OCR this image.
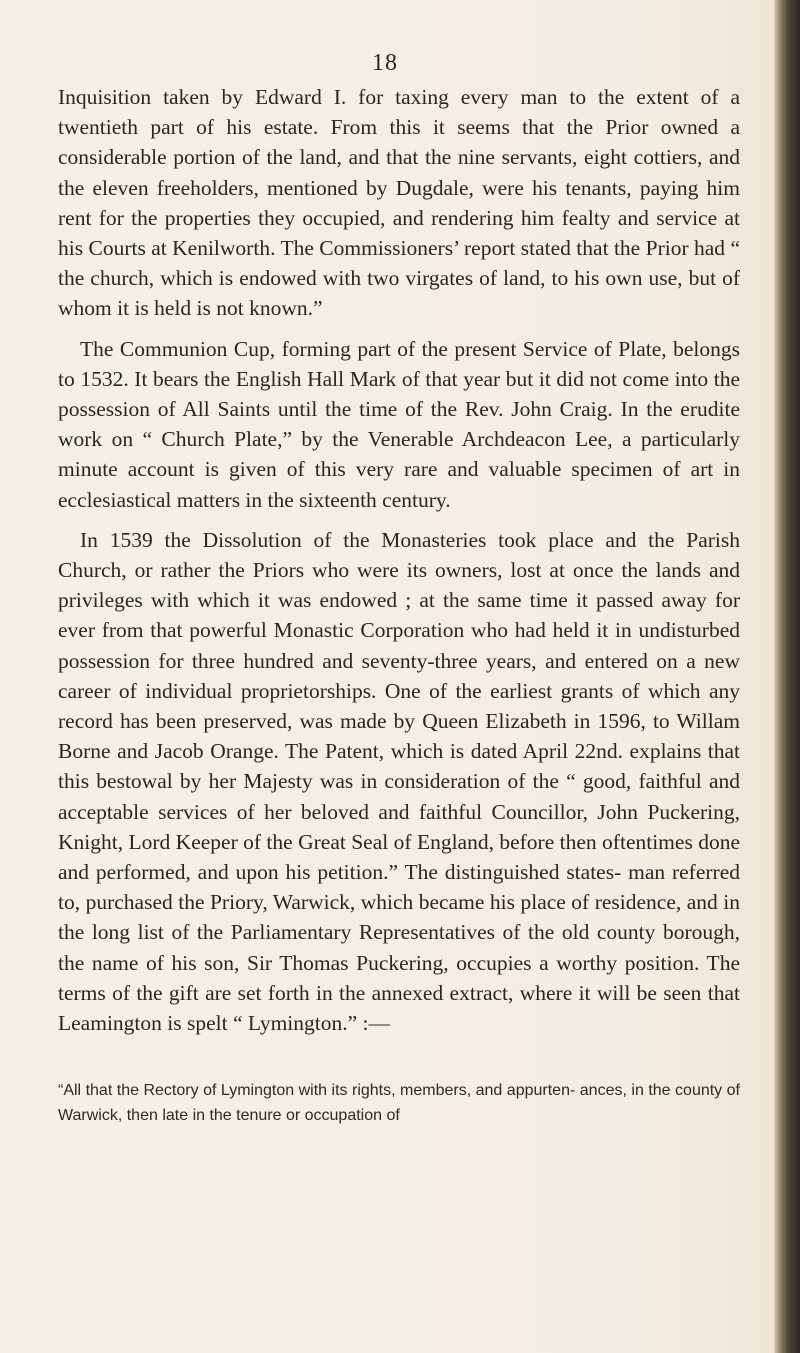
18

Inquisition taken by Edward I. for taxing every man to the extent of a twentieth part of his estate. From this it seems that the Prior owned a considerable portion of the land, and that the nine servants, eight cottiers, and the eleven freeholders, mentioned by Dugdale, were his tenants, paying him rent for the properties they occupied, and rendering him fealty and service at his Courts at Kenilworth. The Commissioners’ report stated that the Prior had “ the church, which is endowed with two virgates of land, to his own use, but of whom it is held is not known.”

The Communion Cup, forming part of the present Service of Plate, belongs to 1532. It bears the English Hall Mark of that year but it did not come into the possession of All Saints until the time of the Rev. John Craig. In the erudite work on “ Church Plate,” by the Venerable Archdeacon Lee, a particularly minute account is given of this very rare and valuable specimen of art in ecclesiastical matters in the sixteenth century.

In 1539 the Dissolution of the Monasteries took place and the Parish Church, or rather the Priors who were its owners, lost at once the lands and privileges with which it was endowed ; at the same time it passed away for ever from that powerful Monastic Corporation who had held it in undisturbed possession for three hundred and seventy-three years, and entered on a new career of individual proprietorships. One of the earliest grants of which any record has been preserved, was made by Queen Elizabeth in 1596, to Willam Borne and Jacob Orange. The Patent, which is dated April 22nd. explains that this bestowal by her Majesty was in consideration of the “ good, faithful and acceptable services of her beloved and faithful Councillor, John Puckering, Knight, Lord Keeper of the Great Seal of England, before then oftentimes done and performed, and upon his petition.” The distinguished states- man referred to, purchased the Priory, Warwick, which became his place of residence, and in the long list of the Parliamentary Representatives of the old county borough, the name of his son, Sir Thomas Puckering, occupies a worthy position. The terms of the gift are set forth in the annexed extract, where it will be seen that Leamington is spelt “ Lymington.” :—

“All that the Rectory of Lymington with its rights, members, and appurten- ances, in the county of Warwick, then late in the tenure or occupation of
